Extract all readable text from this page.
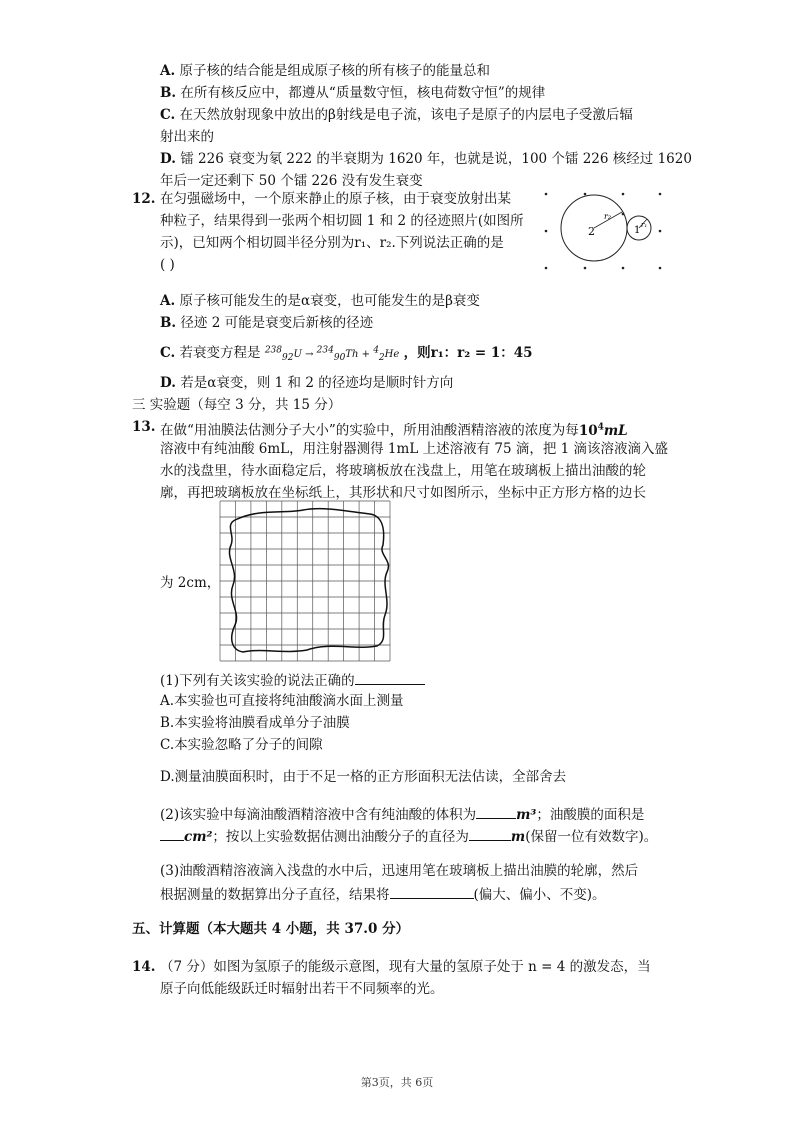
A. 原子核的结合能是组成原子核的所有核子的能量总和
B. 在所有核反应中，都遵从“质量数守恒，核电荷数守恒”的规律
C. 在天然放射现象中放出的β射线是电子流，该电子是原子的内层电子受激后辐
射出来的
D. 镭 226 衰变为氡 222 的半衰期为 1620 年，也就是说，100 个镭 226 核经过 1620
年后一定还剩下 50 个镭 226 没有发生衰变
12. 在匀强磁场中，一个原来静止的原子核，由于衰变放射出某
种粒子，结果得到一张两个相切圆 1 和 2 的径迹照片(如图所
示)，已知两个相切圆半径分别为r₁、r₂.下列说法正确的是
( )
2
r₂
1 r₁
A. 原子核可能发生的是α衰变，也可能发生的是β衰变
B. 径迹 2 可能是衰变后新核的径迹
C. 若衰变方程是 $^{238}_{92}$U → $^{234}_{90}$Th + $^4_2$He ，则r₁：r₂ = 1：45
D. 若是α衰变，则 1 和 2 的径迹均是顺时针方向
三 实验题（每空 3 分，共 15 分）
13. 在做“用油膜法估测分子大小”的实验中，所用油酸酒精溶液的浓度为每$10^4mL$
溶液中有纯油酸 6mL，用注射器测得 1mL 上述溶液有 75 滴，把 1 滴该溶液滴入盛
水的浅盘里，待水面稳定后，将玻璃板放在浅盘上，用笔在玻璃板上描出油酸的轮
廓，再把玻璃板放在坐标纸上，其形状和尺寸如图所示，坐标中正方形方格的边长
为 2cm，
(1)下列有关该实验的说法正确的
A.本实验也可直接将纯油酸滴水面上测量
B.本实验将油膜看成单分子油膜
C.本实验忽略了分子的间隙
D.测量油膜面积时，由于不足一格的正方形面积无法估读，全部舍去
(2)该实验中每滴油酸酒精溶液中含有纯油酸的体积为	m³；油酸膜的面积是
cm²；按以上实验数据估测出油酸分子的直径为	m(保留一位有效数字)。
(3)油酸酒精溶液滴入浅盘的水中后，迅速用笔在玻璃板上描出油膜的轮廓，然后
根据测量的数据算出分子直径，结果将	(偏大、偏小、不变)。
五、计算题（本大题共 4 小题，共 37.0 分）
14. （7 分）如图为氢原子的能级示意图，现有大量的氢原子处于 n = 4 的激发态，当
原子向低能级跃迁时辐射出若干不同频率的光。
第3页，共 6页
